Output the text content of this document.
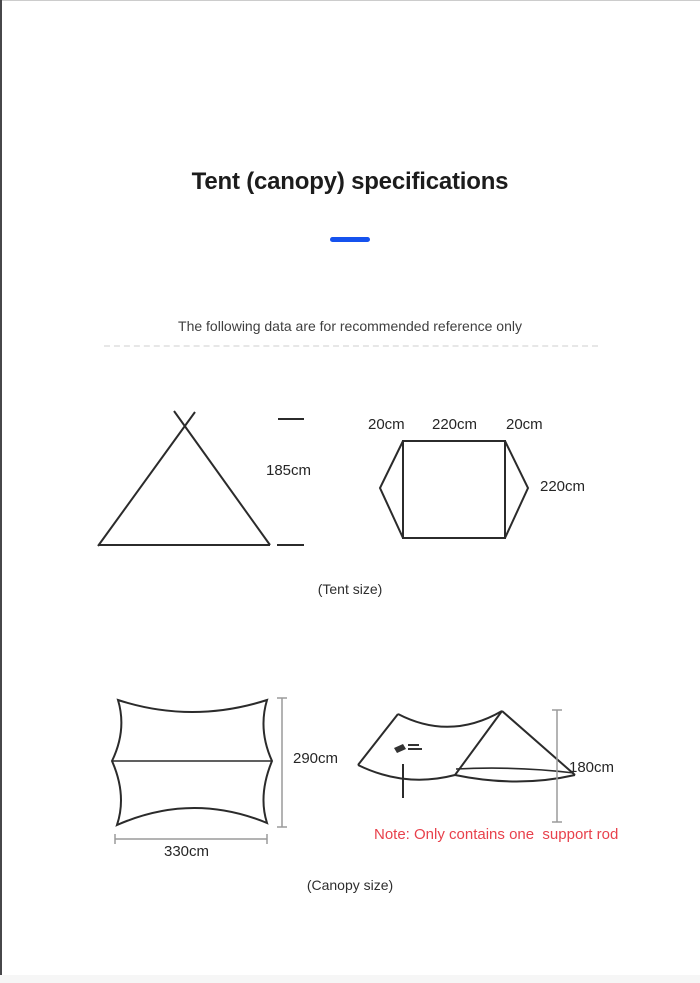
Tent (canopy) specifications
The following data are for recommended reference only
185cm
20cm 220cm 20cm
220cm
(Tent size)
290cm
330cm
180cm
Note: Only contains one  support rod
(Canopy size)
